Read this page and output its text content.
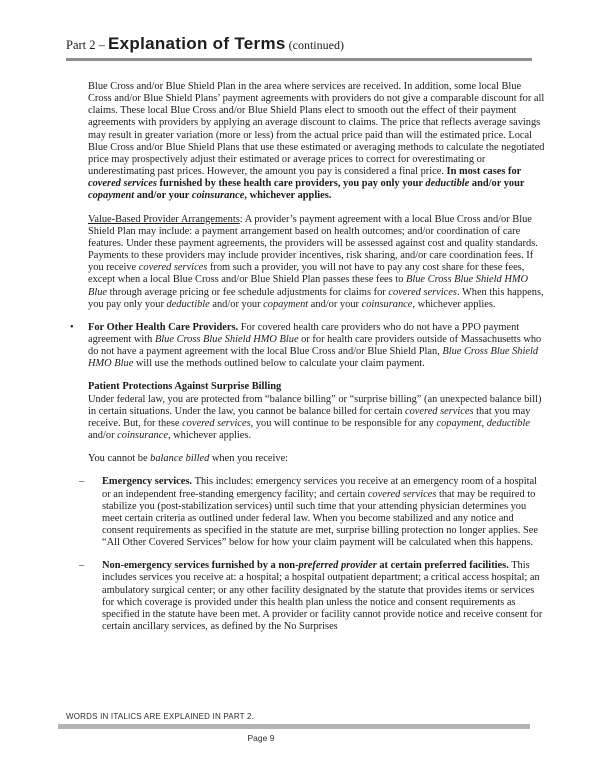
Part 2 – Explanation of Terms (continued)

Blue Cross and/or Blue Shield Plan in the area where services are received. In addition, some local Blue Cross and/or Blue Shield Plans’ payment agreements with providers do not give a comparable discount for all claims. These local Blue Cross and/or Blue Shield Plans elect to smooth out the effect of their payment agreements with providers by applying an average discount to claims. The price that reflects average savings may result in greater variation (more or less) from the actual price paid than will the estimated price. Local Blue Cross and/or Blue Shield Plans that use these estimated or averaging methods to calculate the negotiated price may prospectively adjust their estimated or average prices to correct for overestimating or underestimating past prices. However, the amount you pay is considered a final price. In most cases for covered services furnished by these health care providers, you pay only your deductible and/or your copayment and/or your coinsurance, whichever applies.

Value-Based Provider Arrangements: A provider’s payment agreement with a local Blue Cross and/or Blue Shield Plan may include: a payment arrangement based on health outcomes; and/or coordination of care features. Under these payment agreements, the providers will be assessed against cost and quality standards. Payments to these providers may include provider incentives, risk sharing, and/or care coordination fees. If you receive covered services from such a provider, you will not have to pay any cost share for these fees, except when a local Blue Cross and/or Blue Shield Plan passes these fees to Blue Cross Blue Shield HMO Blue through average pricing or fee schedule adjustments for claims for covered services. When this happens, you pay only your deductible and/or your copayment and/or your coinsurance, whichever applies.

• For Other Health Care Providers. For covered health care providers who do not have a PPO payment agreement with Blue Cross Blue Shield HMO Blue or for health care providers outside of Massachusetts who do not have a payment agreement with the local Blue Cross and/or Blue Shield Plan, Blue Cross Blue Shield HMO Blue will use the methods outlined below to calculate your claim payment.
Patient Protections Against Surprise Billing

Under federal law, you are protected from “balance billing” or “surprise billing” (an unexpected balance bill) in certain situations. Under the law, you cannot be balance billed for certain covered services that you may receive. But, for these covered services, you will continue to be responsible for any copayment, deductible and/or coinsurance, whichever applies.

You cannot be balance billed when you receive:

– Emergency services. This includes: emergency services you receive at an emergency room of a hospital or an independent free-standing emergency facility; and certain covered services that may be required to stabilize you (post-stabilization services) until such time that your attending physician determines you meet certain criteria as outlined under federal law. When you become stabilized and any notice and consent requirements as specified in the statute are met, surprise billing protection no longer applies. See “All Other Covered Services” below for how your claim payment will be calculated when this happens.
– Non-emergency services furnished by a non-preferred provider at certain preferred facilities. This includes services you receive at: a hospital; a hospital outpatient department; a critical access hospital; an ambulatory surgical center; or any other facility designated by the statute that provides items or services for which coverage is provided under this health plan unless the notice and consent requirements as specified in the statute have been met. A provider or facility cannot provide notice and receive consent for certain ancillary services, as defined by the No Surprises
WORDS IN ITALICS ARE EXPLAINED IN PART 2.
Page 9
